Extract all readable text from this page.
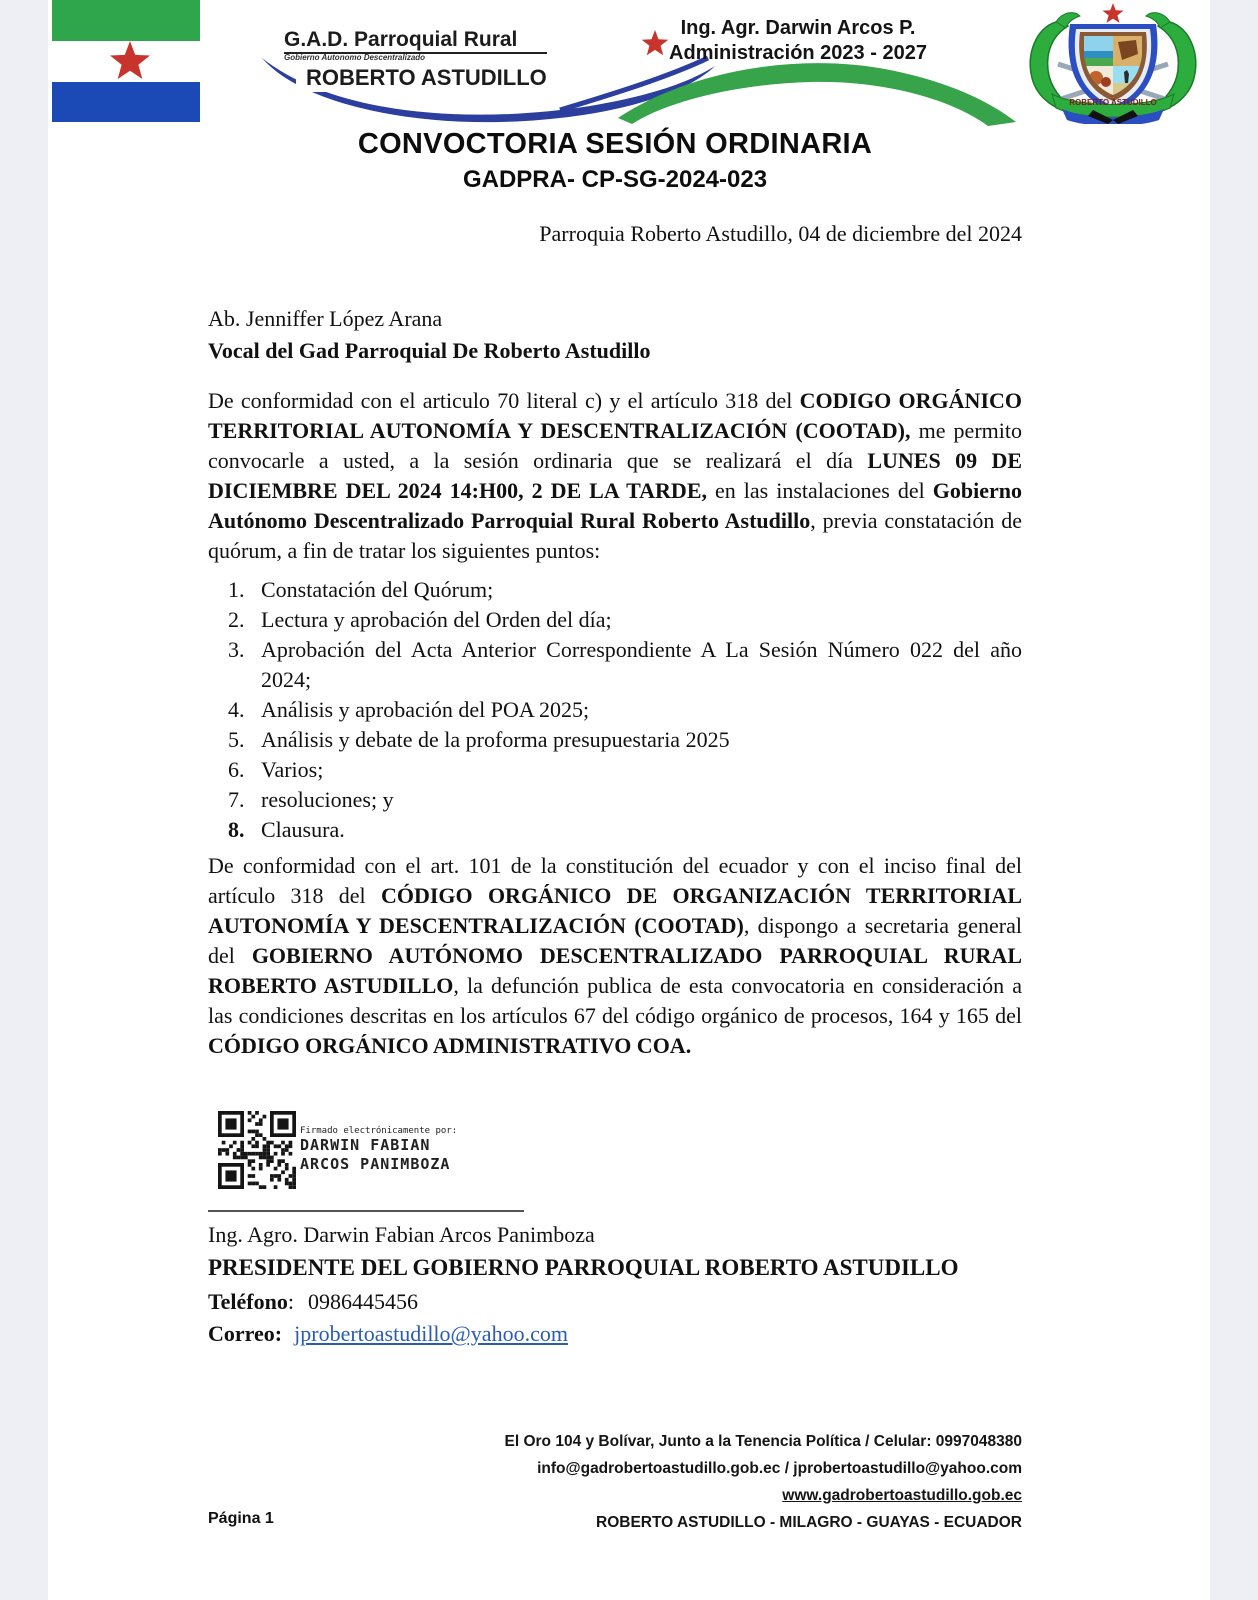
G.A.D. Parroquial Rural
Gobierno Autonomo Descentralizado
ROBERTO ASTUDILLO
Ing. Agr. Darwin Arcos P.
Administración 2023 - 2027
ROBERTO ASTUDILLO
CONVOCTORIA SESIÓN ORDINARIA
GADPRA- CP-SG-2024-023
Parroquia Roberto Astudillo, 04 de diciembre del 2024
Ab. Jenniffer López Arana
Vocal del Gad Parroquial De Roberto Astudillo

De conformidad con el articulo 70 literal c) y el artículo 318 del CODIGO ORGÁNICO TERRITORIAL AUTONOMÍA Y DESCENTRALIZACIÓN (COOTAD), me permito convocarle a usted, a la sesión ordinaria que se realizará el día LUNES 09 DE DICIEMBRE DEL 2024 14:H00, 2 DE LA TARDE, en las instalaciones del Gobierno Autónomo Descentralizado Parroquial Rural Roberto Astudillo, previa constatación de quórum, a fin de tratar los siguientes puntos:

1. Constatación del Quórum;
2. Lectura y aprobación del Orden del día;
3. Aprobación del Acta Anterior Correspondiente A La Sesión Número 022 del año 2024;
4. Análisis y aprobación del POA 2025;
5. Análisis y debate de la proforma presupuestaria 2025
6. Varios;
7. resoluciones; y
8. Clausura.

De conformidad con el art. 101 de la constitución del ecuador y con el inciso final del artículo 318 del CÓDIGO ORGÁNICO DE ORGANIZACIÓN TERRITORIAL AUTONOMÍA Y DESCENTRALIZACIÓN (COOTAD), dispongo a secretaria general del GOBIERNO AUTÓNOMO DESCENTRALIZADO PARROQUIAL RURAL ROBERTO ASTUDILLO, la defunción publica de esta convocatoria en consideración a las condiciones descritas en los artículos 67 del código orgánico de procesos, 164 y 165 del CÓDIGO ORGÁNICO ADMINISTRATIVO COA.

Firmado electrónicamente por:
DARWIN FABIAN
ARCOS PANIMBOZA
Ing. Agro. Darwin Fabian Arcos Panimboza
PRESIDENTE DEL GOBIERNO PARROQUIAL ROBERTO ASTUDILLO
Teléfono: 0986445456
Correo: jprobertoastudillo@yahoo.com
El Oro 104 y Bolívar, Junto a la Tenencia Política / Celular: 0997048380
info@gadrobertoastudillo.gob.ec / jprobertoastudillo@yahoo.com
www.gadrobertoastudillo.gob.ec
ROBERTO ASTUDILLO - MILAGRO - GUAYAS - ECUADOR
Página 1
